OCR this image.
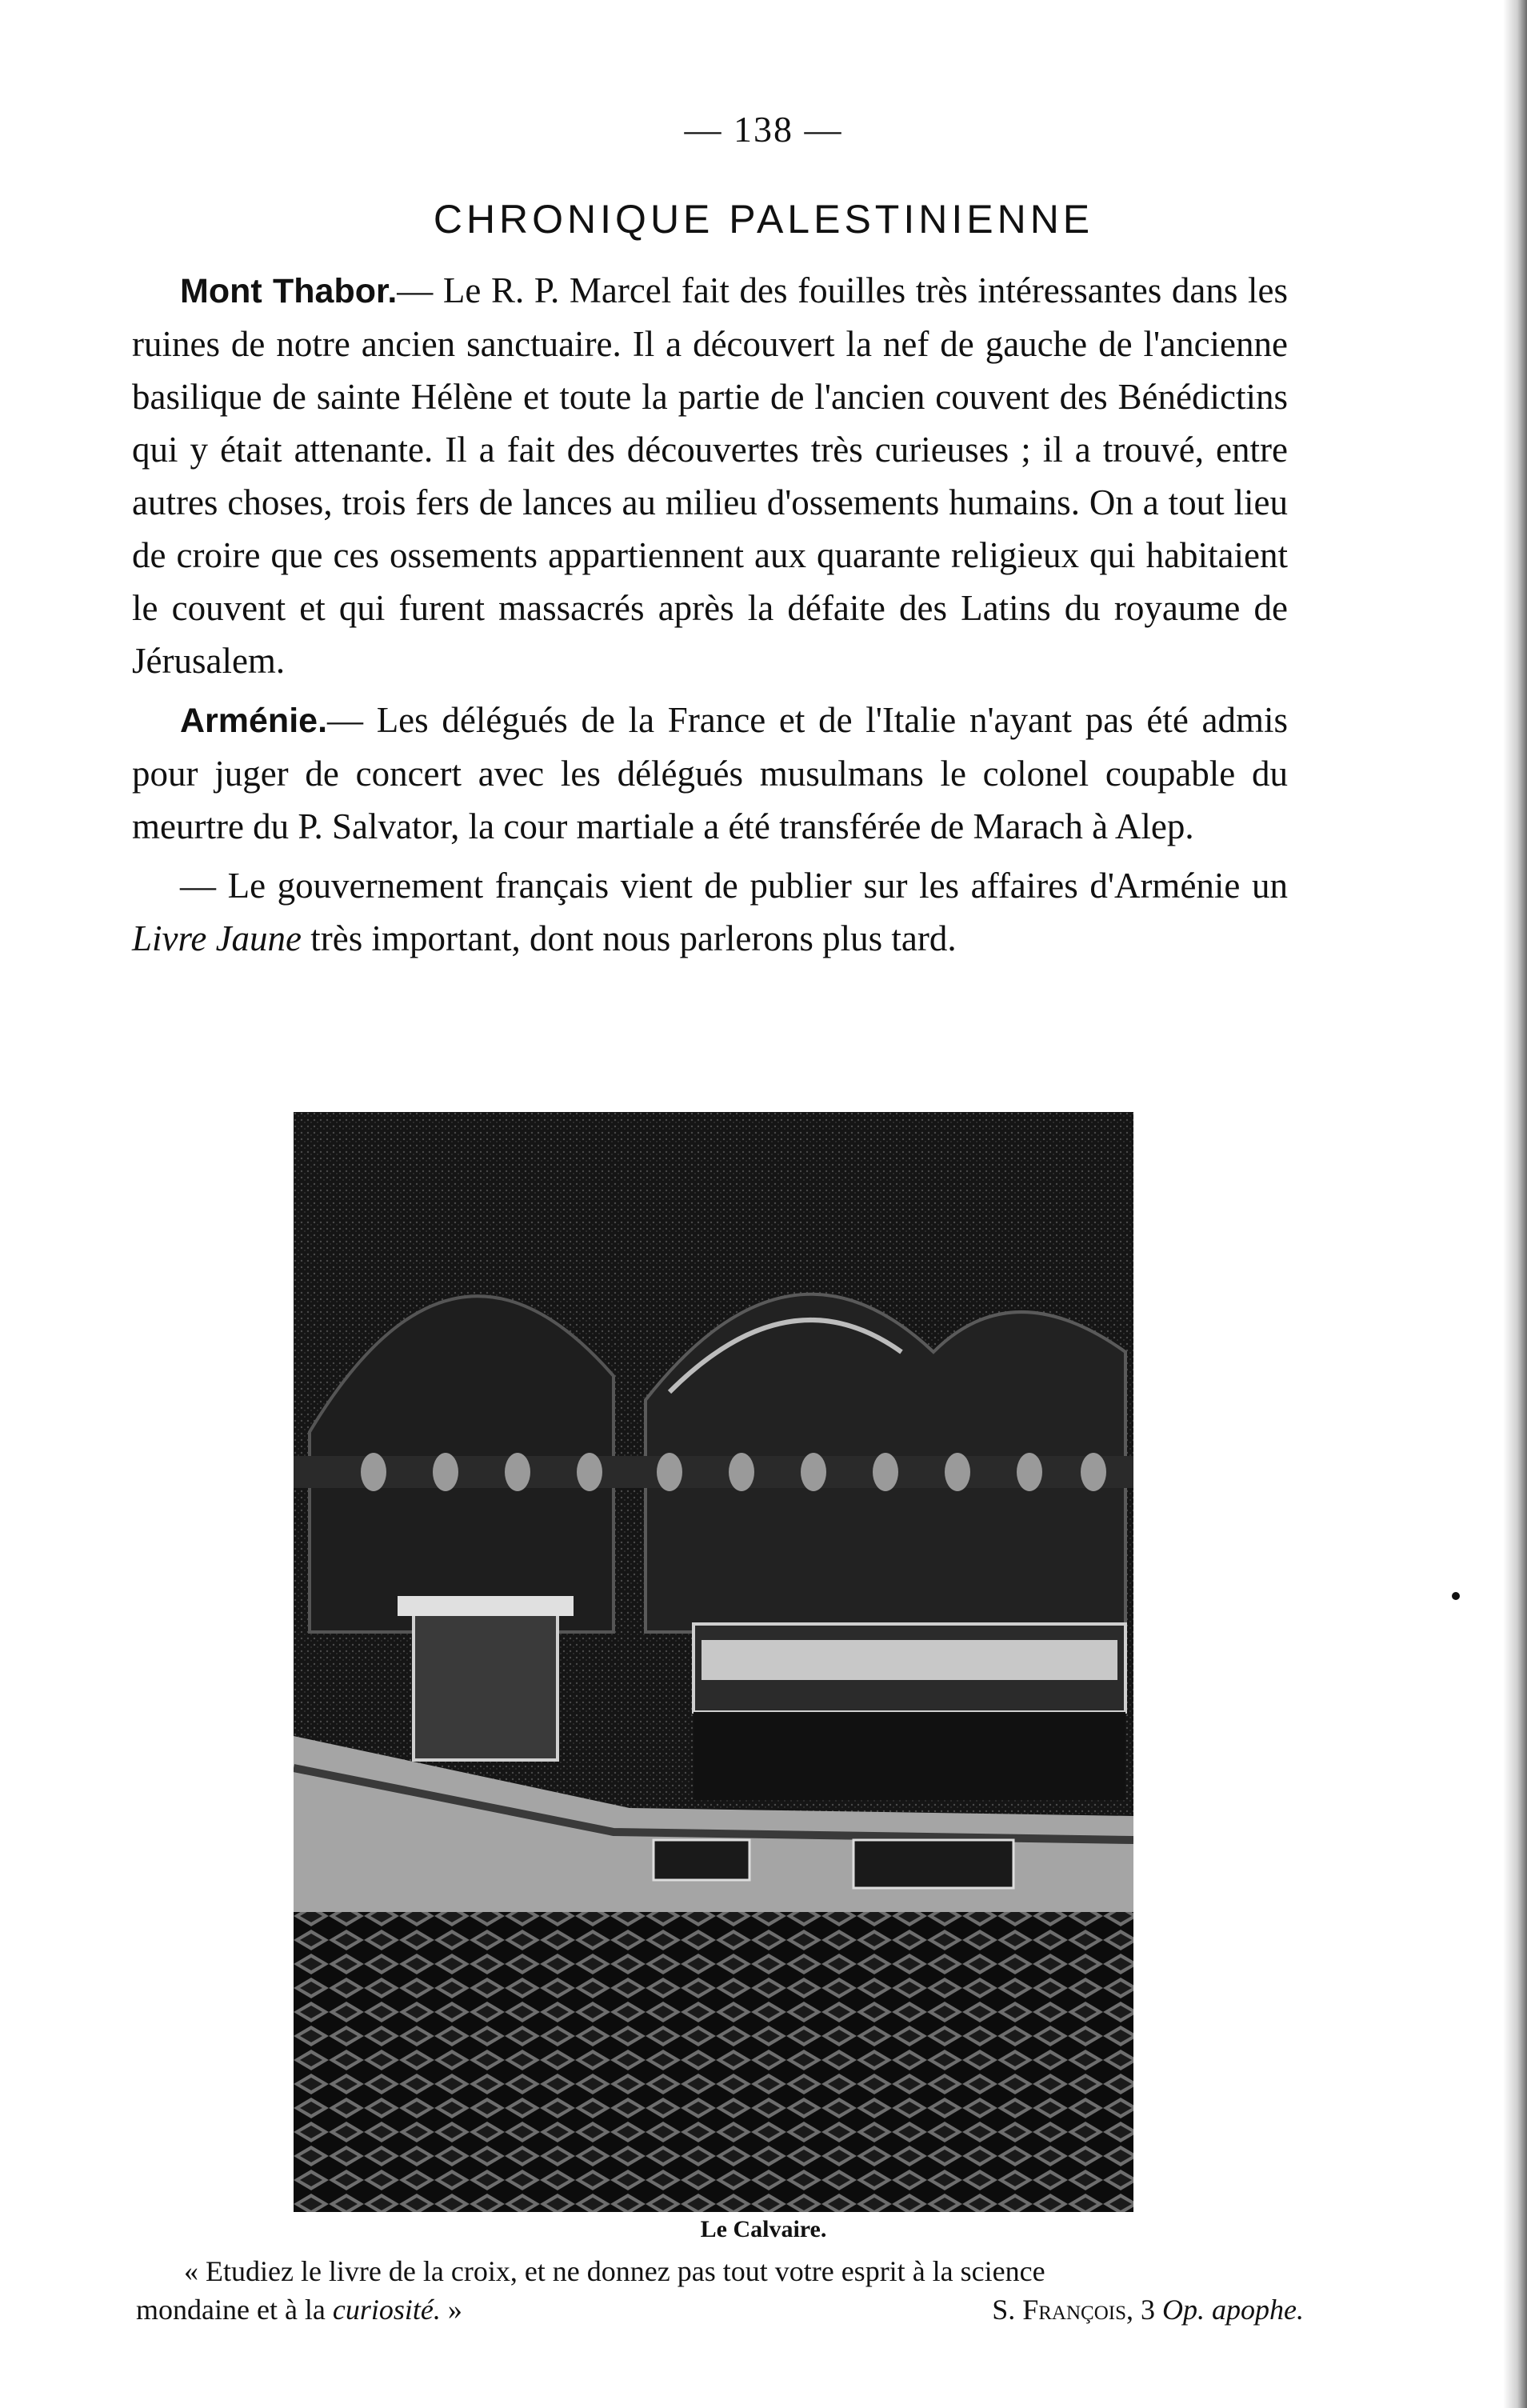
— 138 —
CHRONIQUE PALESTINIENNE

Mont Thabor.— Le R. P. Marcel fait des fouilles très intéressantes dans les ruines de notre ancien sanctuaire. Il a découvert la nef de gauche de l'ancienne basilique de sainte Hélène et toute la partie de l'ancien couvent des Bénédictins qui y était attenante. Il a fait des découvertes très curieuses ; il a trouvé, entre autres choses, trois fers de lances au milieu d'ossements humains. On a tout lieu de croire que ces ossements appartiennent aux quarante religieux qui habitaient le couvent et qui furent massacrés après la défaite des Latins du royaume de Jérusalem.

Arménie.— Les délégués de la France et de l'Italie n'ayant pas été admis pour juger de concert avec les délégués musulmans le colonel coupable du meurtre du P. Salvator, la cour martiale a été transférée de Marach à Alep.

— Le gouvernement français vient de publier sur les affaires d'Arménie un Livre Jaune très important, dont nous parlerons plus tard.

Le Calvaire.
« Etudiez le livre de la croix, et ne donnez pas tout votre esprit à la science
mondaine et à la curiosité. »	S. François, 3 Op. apophe.
